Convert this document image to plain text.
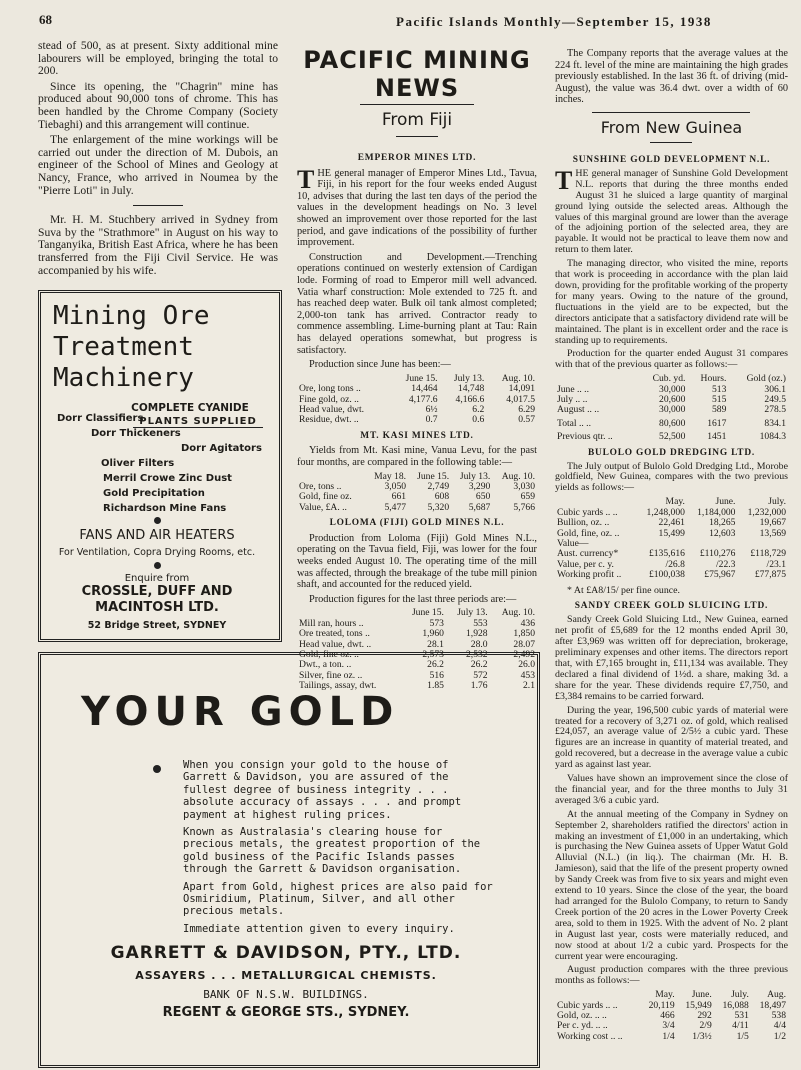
68	Pacific Islands Monthly—September 15, 1938

stead of 500, as at present. Sixty additional mine labourers will be employed, bringing the total to 200.

Since its opening, the "Chagrin" mine has produced about 90,000 tons of chrome. This has been handled by the Chrome Company (Society Tiebaghi) and this arrangement will continue.

The enlargement of the mine workings will be carried out under the direction of M. Dubois, an engineer of the School of Mines and Geology at Nancy, France, who arrived in Noumea by the "Pierre Loti" in July.

Mr. H. M. Stuchbery arrived in Sydney from Suva by the "Strathmore" in August on his way to Tanganyika, British East Africa, where he has been transferred from the Fiji Civil Service. He was accompanied by his wife.

Mining Ore
Treatment
Machinery
COMPLETE CYANIDE
PLANTS SUPPLIED
Dorr Classifiers
Dorr Thickeners
Dorr Agitators
Oliver Filters
Merril Crowe Zinc Dust
Gold Precipitation
Richardson Mine Fans
FANS AND AIR HEATERS
For Ventilation, Copra Drying Rooms, etc.
Enquire from
CROSSLE, DUFF AND
MACINTOSH LTD.
52 Bridge Street, SYDNEY
YOUR GOLD

When you consign your gold to the house of Garrett & Davidson, you are assured of the fullest degree of business integrity . . . absolute accuracy of assays . . . and prompt payment at highest ruling prices.

Known as Australasia's clearing house for precious metals, the greatest proportion of the gold business of the Pacific Islands passes through the Garrett & Davidson organisation.

Apart from Gold, highest prices are also paid for Osmiridium, Platinum, Silver, and all other precious metals.

Immediate attention given to every inquiry.

GARRETT & DAVIDSON, PTY., LTD.
ASSAYERS . . . METALLURGICAL CHEMISTS.
BANK OF N.S.W. BUILDINGS.
REGENT & GEORGE STS., SYDNEY.
PACIFIC MINING NEWS
From Fiji
EMPEROR MINES LTD.

THE general manager of Emperor Mines Ltd., Tavua, Fiji, in his report for the four weeks ended August 10, advises that during the last ten days of the period the values in the development headings on No. 3 level showed an improvement over those reported for the last period, and gave indications of the possibility of further improvement.

Construction and Development.—Trenching operations continued on westerly extension of Cardigan lode. Forming of road to Emperor mill well advanced. Vatia wharf construction: Mole extended to 725 ft. and has reached deep water. Bulk oil tank almost completed; 2,000-ton tank has arrived. Contractor ready to commence assembling. Lime-burning plant at Tau: Rain has delayed operations somewhat, but progress is satisfactory.

Production since June has been:—

	June 15.	July 13.	Aug. 10.
Ore, long tons ..	14,464	14,748	14,091
Fine gold, oz. ..	4,177.6	4,166.6	4,017.5
Head value, dwt.	6½	6.2	6.29
Residue, dwt. ..	0.7	0.6	0.57
MT. KASI MINES LTD.

Yields from Mt. Kasi mine, Vanua Levu, for the past four months, are compared in the following table:—

	May 18.	June 15.	July 13.	Aug. 10.
Ore, tons ..	3,050	2,749	3,290	3,030
Gold, fine oz.	661	608	650	659
Value, £A. ..	5,477	5,320	5,687	5,766
LOLOMA (FIJI) GOLD MINES N.L.

Production from Loloma (Fiji) Gold Mines N.L., operating on the Tavua field, Fiji, was lower for the four weeks ended August 10. The operating time of the mill was affected, through the breakage of the tube mill pinion shaft, and accounted for the reduced yield.

Production figures for the last three periods are:—

	June 15.	July 13.	Aug. 10.
Mill ran, hours ..	573	553	436
Ore treated, tons ..	1,960	1,928	1,850
Head value, dwt. ..	28.1	28.0	28.07
Gold, fine oz. ..	2,573	2,532	2,492
Dwt., a ton. ..	26.2	26.2	26.0
Silver, fine oz. ..	516	572	453
Tailings, assay, dwt.	1.85	1.76	2.1

The Company reports that the average values at the 224 ft. level of the mine are maintaining the high grades previously established. In the last 36 ft. of driving (mid-August), the value was 36.4 dwt. over a width of 60 inches.

From New Guinea
SUNSHINE GOLD DEVELOPMENT N.L.

THE general manager of Sunshine Gold Development N.L. reports that during the three months ended August 31 he sluiced a large quantity of marginal ground lying outside the selected areas. Although the values of this marginal ground are lower than the average of the adjoining portion of the selected area, they are payable. It would not be practical to leave them now and return to them later.

The managing director, who visited the mine, reports that work is proceeding in accordance with the plan laid down, providing for the profitable working of the property for many years. Owing to the nature of the ground, fluctuations in the yield are to be expected, but the directors anticipate that a satisfactory dividend rate will be maintained. The plant is in excellent order and the race is standing up to requirements.

Production for the quarter ended August 31 compares with that of the previous quarter as follows:—

	Cub. yd.	Hours.	Gold (oz.)
June .. ..	30,000	513	306.1
July .. ..	20,600	515	249.5
August .. ..	30,000	589	278.5
Total .. ..	80,600	1617	834.1
Previous qtr. ..	52,500	1451	1084.3
BULOLO GOLD DREDGING LTD.

The July output of Bulolo Gold Dredging Ltd., Morobe goldfield, New Guinea, compares with the two previous yields as follows:—

	May.	June.	July.
Cubic yards .. ..	1,248,000	1,184,000	1,232,000
Bullion, oz. ..	22,461	18,265	19,667
Gold, fine, oz. ..	15,499	12,603	13,569
Value—			
Aust. currency*	£135,616	£110,276	£118,729
Value, per c. y.	/26.8	/22.3	/23.1
Working profit ..	£100,038	£75,967	£77,875

* At £A8/15/ per fine ounce.

SANDY CREEK GOLD SLUICING LTD.

Sandy Creek Gold Sluicing Ltd., New Guinea, earned net profit of £5,689 for the 12 months ended April 30, after £3,969 was written off for depreciation, brokerage, preliminary expenses and other items. The directors report that, with £7,165 brought in, £11,134 was available. They declared a final dividend of 1½d. a share, making 3d. a share for the year. These dividends require £7,750, and £3,384 remains to be carried forward.

During the year, 196,500 cubic yards of material were treated for a recovery of 3,271 oz. of gold, which realised £24,057, an average value of 2/5½ a cubic yard. These figures are an increase in quantity of material treated, and gold recovered, but a decrease in the average value a cubic yard as against last year.

Values have shown an improvement since the close of the financial year, and for the three months to July 31 averaged 3/6 a cubic yard.

At the annual meeting of the Company in Sydney on September 2, shareholders ratified the directors' action in making an investment of £1,000 in an undertaking, which is purchasing the New Guinea assets of Upper Watut Gold Alluvial (N.L.) (in liq.). The chairman (Mr. H. B. Jamieson), said that the life of the present property owned by Sandy Creek was from five to six years and might even extend to 10 years. Since the close of the year, the board had arranged for the Bulolo Company, to return to Sandy Creek portion of the 20 acres in the Lower Poverty Creek area, sold to them in 1925. With the advent of No. 2 plant in August last year, costs were materially reduced, and now stood at about 1/2 a cubic yard. Prospects for the current year were encouraging.

August production compares with the three previous months as follows:—

	May.	June.	July.	Aug.
Cubic yards .. ..	20,119	15,949	16,088	18,497
Gold, oz. .. ..	466	292	531	538
Per c. yd. .. ..	3/4	2/9	4/11	4/4
Working cost .. ..	1/4	1/3½	1/5	1/2
